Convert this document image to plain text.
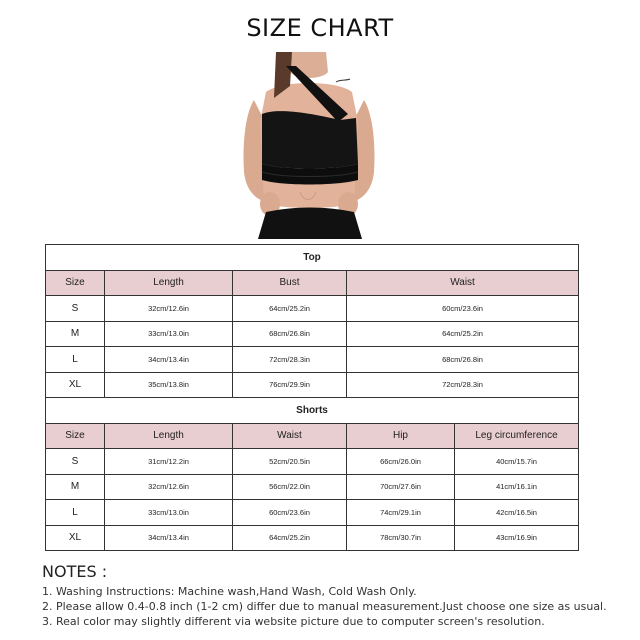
SIZE CHART
Top				
Size	Length	Bust	Waist	
S	32cm/12.6in	64cm/25.2in	60cm/23.6in	
M	33cm/13.0in	68cm/26.8in	64cm/25.2in	
L	34cm/13.4in	72cm/28.3in	68cm/26.8in	
XL	35cm/13.8in	76cm/29.9in	72cm/28.3in	
Shorts				
Size	Length	Waist	Hip	Leg circumference
S	31cm/12.2in	52cm/20.5in	66cm/26.0in	40cm/15.7in
M	32cm/12.6in	56cm/22.0in	70cm/27.6in	41cm/16.1in
L	33cm/13.0in	60cm/23.6in	74cm/29.1in	42cm/16.5in
XL	34cm/13.4in	64cm/25.2in	78cm/30.7in	43cm/16.9in
NOTES :
1. Washing Instructions: Machine wash,Hand Wash, Cold Wash Only.
2. Please allow 0.4-0.8 inch (1-2 cm) differ due to manual measurement.Just choose one size as usual.
3. Real color may slightly different via website picture due to computer screen's resolution.
